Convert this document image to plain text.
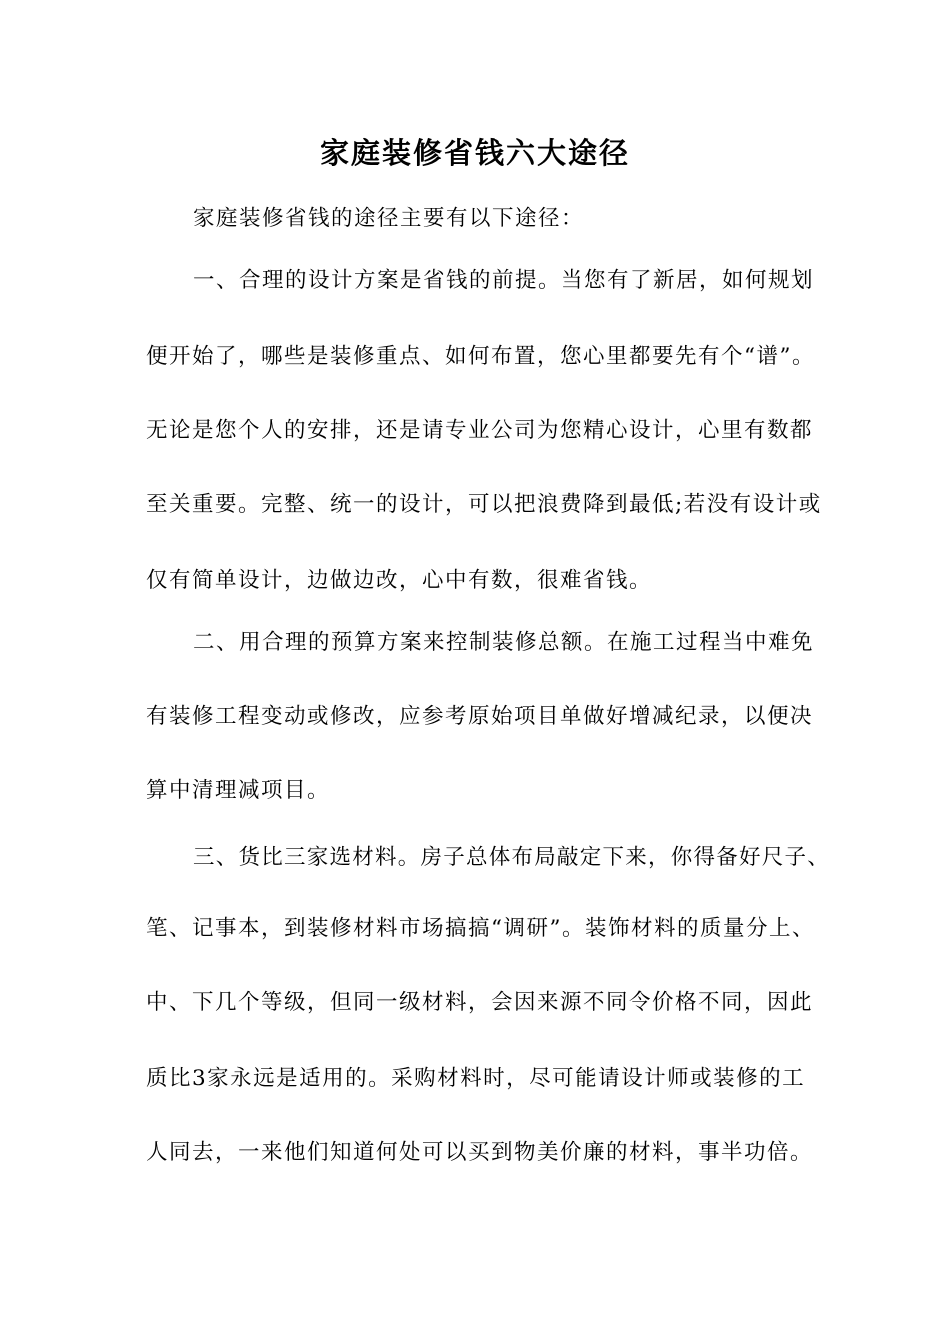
家庭装修省钱六大途径

家庭装修省钱的途径主要有以下途径：

一、合理的设计方案是省钱的前提。当您有了新居，如何规划

便开始了，哪些是装修重点、如何布置，您心里都要先有个“谱”。

无论是您个人的安排，还是请专业公司为您精心设计，心里有数都

至关重要。完整、统一的设计，可以把浪费降到最低;若没有设计或

仅有简单设计，边做边改，心中有数，很难省钱。

二、用合理的预算方案来控制装修总额。在施工过程当中难免

有装修工程变动或修改，应参考原始项目单做好增减纪录，以便决

算中清理减项目。

三、货比三家选材料。房子总体布局敲定下来，你得备好尺子、

笔、记事本，到装修材料市场搞搞“调研”。装饰材料的质量分上、

中、下几个等级，但同一级材料，会因来源不同令价格不同，因此

质比3家永远是适用的。采购材料时，尽可能请设计师或装修的工

人同去，一来他们知道何处可以买到物美价廉的材料，事半功倍。
